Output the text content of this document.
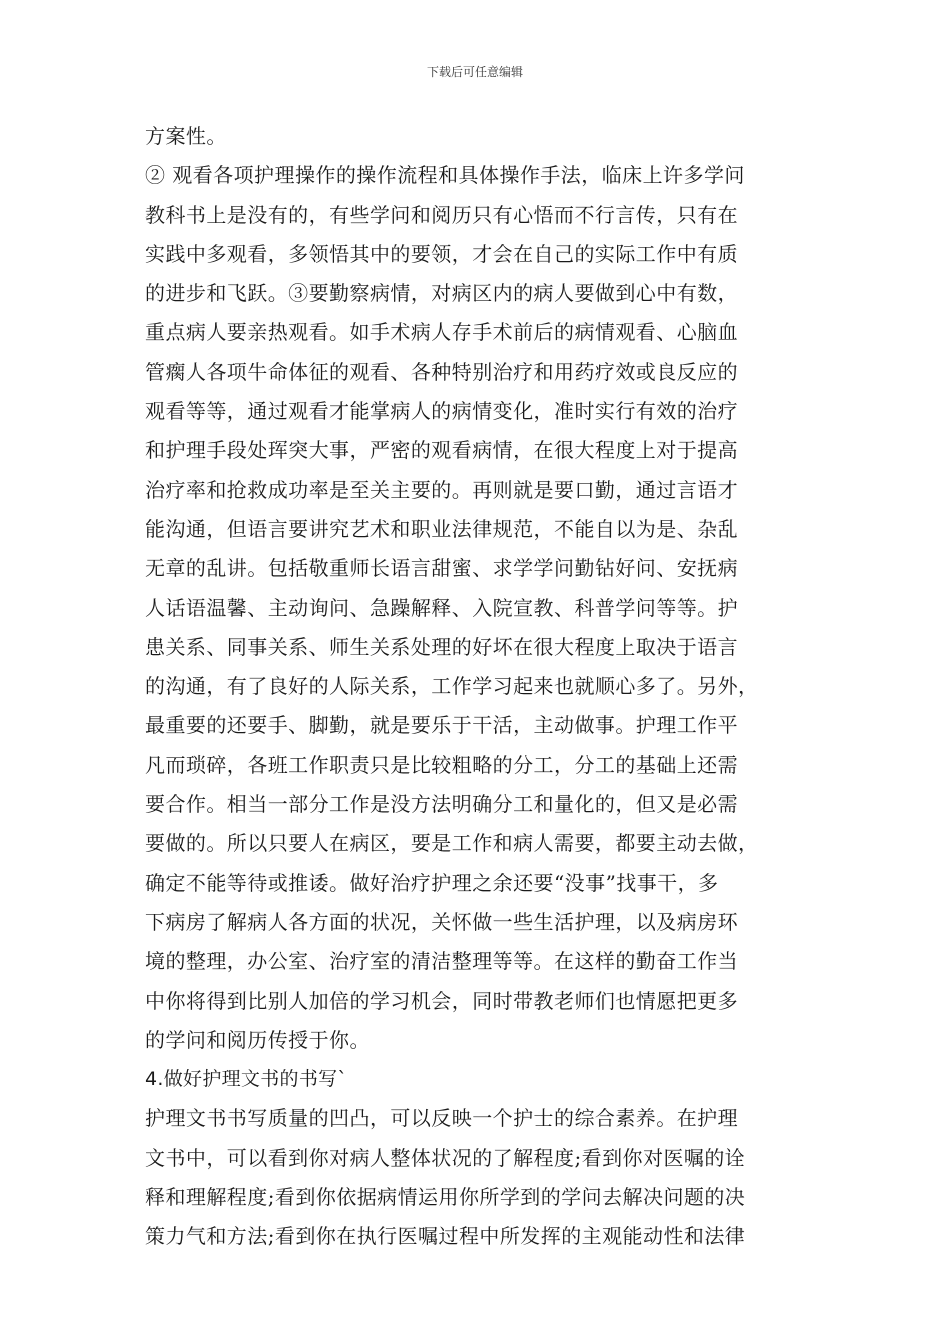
下载后可任意编辑
方案性。
② 观看各项护理操作的操作流程和具体操作手法，临床上许多学问
教科书上是没有的，有些学问和阅历只有心悟而不行言传，只有在
实践中多观看，多领悟其中的要领，才会在自己的实际工作中有质
的进步和飞跃。③要勤察病情，对病区内的病人要做到心中有数，
重点病人要亲热观看。如手术病人存手术前后的病情观看、心脑血
管瘸人各项牛命体征的观看、各种特别治疗和用药疗效或良反应的
观看等等，通过观看才能掌病人的病情变化，准时实行有效的治疗
和护理手段处珲突大事，严密的观看病情，在很大程度上对于提高
治疗率和抢救成功率是至关主要的。再则就是要口勤，通过言语才
能沟通，但语言要讲究艺术和职业法律规范，不能自以为是、杂乱
无章的乱讲。包括敬重师长语言甜蜜、求学学问勤钻好问、安抚病
人话语温馨、主动询问、急躁解释、入院宣教、科普学问等等。护
患关系、同事关系、师生关系处理的好坏在很大程度上取决于语言
的沟通，有了良好的人际关系，工作学习起来也就顺心多了。另外，
最重要的还要手、脚勤，就是要乐于干活，主动做事。护理工作平
凡而琐碎，各班工作职责只是比较粗略的分工，分工的基础上还需
要合作。相当一部分工作是没方法明确分工和量化的，但又是必需
要做的。所以只要人在病区，要是工作和病人需要，都要主动去做，
确定不能等待或推诿。做好治疗护理之余还要“没事”找事干，多
下病房了解病人各方面的状况，关怀做一些生活护理，以及病房环
境的整理，办公室、治疗室的清洁整理等等。在这样的勤奋工作当
中你将得到比别人加倍的学习机会，同时带教老师们也情愿把更多
的学问和阅历传授于你。
4.做好护理文书的书写`
护理文书书写质量的凹凸，可以反映一个护士的综合素养。在护理
文书中，可以看到你对病人整体状况的了解程度;看到你对医嘱的诠
释和理解程度;看到你依据病情运用你所学到的学问去解决问题的决
策力气和方法;看到你在执行医嘱过程中所发挥的主观能动性和法律
